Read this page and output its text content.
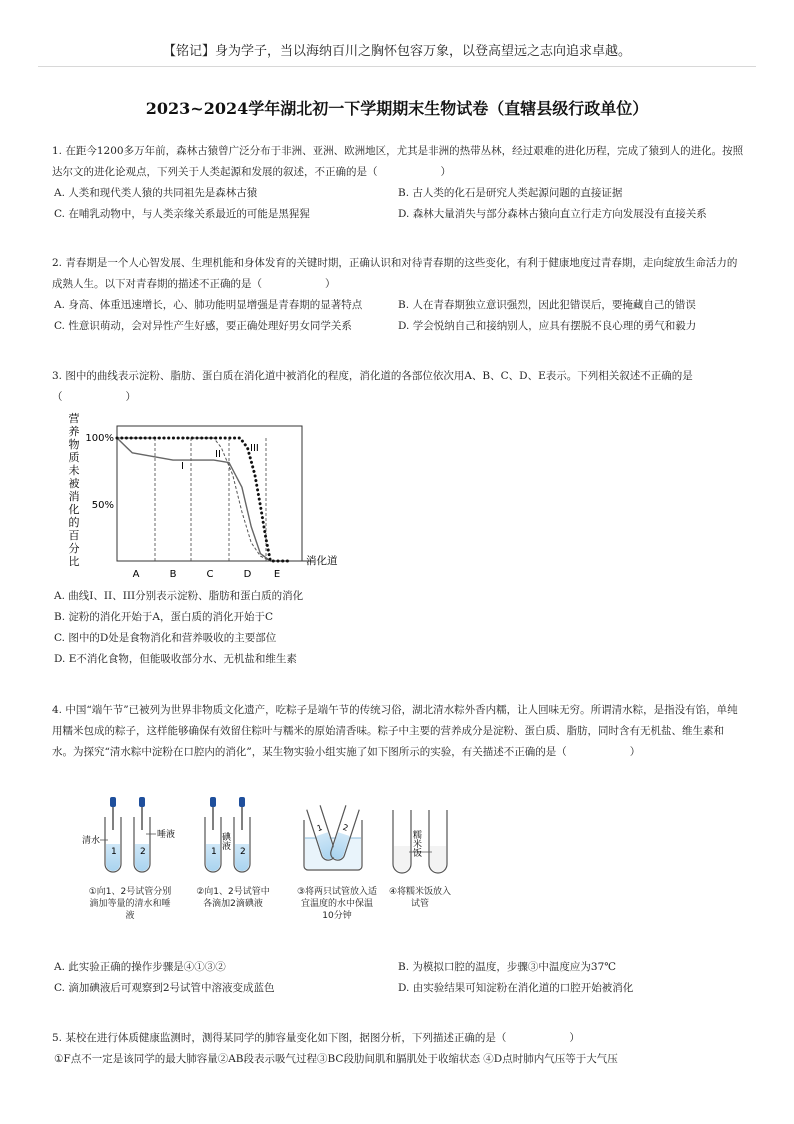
【铭记】身为学子，当以海纳百川之胸怀包容万象，以登高望远之志向追求卓越。
2023~2024学年湖北初一下学期期末生物试卷（直辖县级行政单位）
1. 在距今1200多万年前，森林古猿曾广泛分布于非洲、亚洲、欧洲地区，尤其是非洲的热带丛林，经过艰难的进化历程，完成了猿到人的进化。按照达尔文的进化论观点，下列关于人类起源和发展的叙述，不正确的是（　　　　　　）
A. 人类和现代类人猿的共同祖先是森林古猿	B. 古人类的化石是研究人类起源问题的直接证据
C. 在哺乳动物中，与人类亲缘关系最近的可能是黑猩猩	D. 森林大量消失与部分森林古猿向直立行走方向发展没有直接关系
2. 青春期是一个人心智发展、生理机能和身体发育的关键时期，正确认识和对待青春期的这些变化，有利于健康地度过青春期，走向绽放生命活力的成熟人生。以下对青春期的描述不正确的是（　　　　　　）
A. 身高、体重迅速增长，心、肺功能明显增强是青春期的显著特点	B. 人在青春期独立意识强烈，因此犯错误后，要掩藏自己的错误
C. 性意识萌动，会对异性产生好感，要正确处理好男女同学关系	D. 学会悦纳自己和接纳别人，应具有摆脱不良心理的勇气和毅力
3. 图中的曲线表示淀粉、脂肪、蛋白质在消化道中被消化的程度，消化道的各部位依次用A、B、C、D、E表示。下列相关叙述不正确的是（　　　　　　）
营
养
物
质
未
被
消
化
的
百
分
比
100%
50%
消化道
A	B	C	D E
I
II
III
A. 曲线I、II、III分别表示淀粉、脂肪和蛋白质的消化
B. 淀粉的消化开始于A，蛋白质的消化开始于C
C. 图中的D处是食物消化和营养吸收的主要部位
D. E不消化食物，但能吸收部分水、无机盐和维生素
4. 中国“端午节”已被列为世界非物质文化遗产，吃粽子是端午节的传统习俗，湖北清水粽外香内糯，让人回味无穷。所谓清水粽，是指没有馅，单纯用糯米包成的粽子，这样能够确保有效留住粽叶与糯米的原始清香味。粽子中主要的营养成分是淀粉、蛋白质、脂肪，同时含有无机盐、维生素和水。为探究“清水粽中淀粉在口腔内的消化”，某生物实验小组实施了如下图所示的实验，有关描述不正确的是（　　　　　　）
1	2
清水
唾液
1	2
碘液
1 2
糯米饭
①向1、2号试管分别滴加等量的清水和唾液
②向1、2号试管中各滴加2滴碘液
③将两只试管放入适宜温度的水中保温10分钟
④将糯米饭放入试管
A. 此实验正确的操作步骤是④①③②	B. 为模拟口腔的温度，步骤③中温度应为37℃
C. 滴加碘液后可观察到2号试管中溶液变成蓝色	D. 由实验结果可知淀粉在消化道的口腔开始被消化
5. 某校在进行体质健康监测时，测得某同学的肺容量变化如下图，据图分析，下列描述正确的是（　　　　　　）
①F点不一定是该同学的最大肺容量②AB段表示吸气过程③BC段肋间肌和膈肌处于收缩状态 ④D点时肺内气压等于大气压
